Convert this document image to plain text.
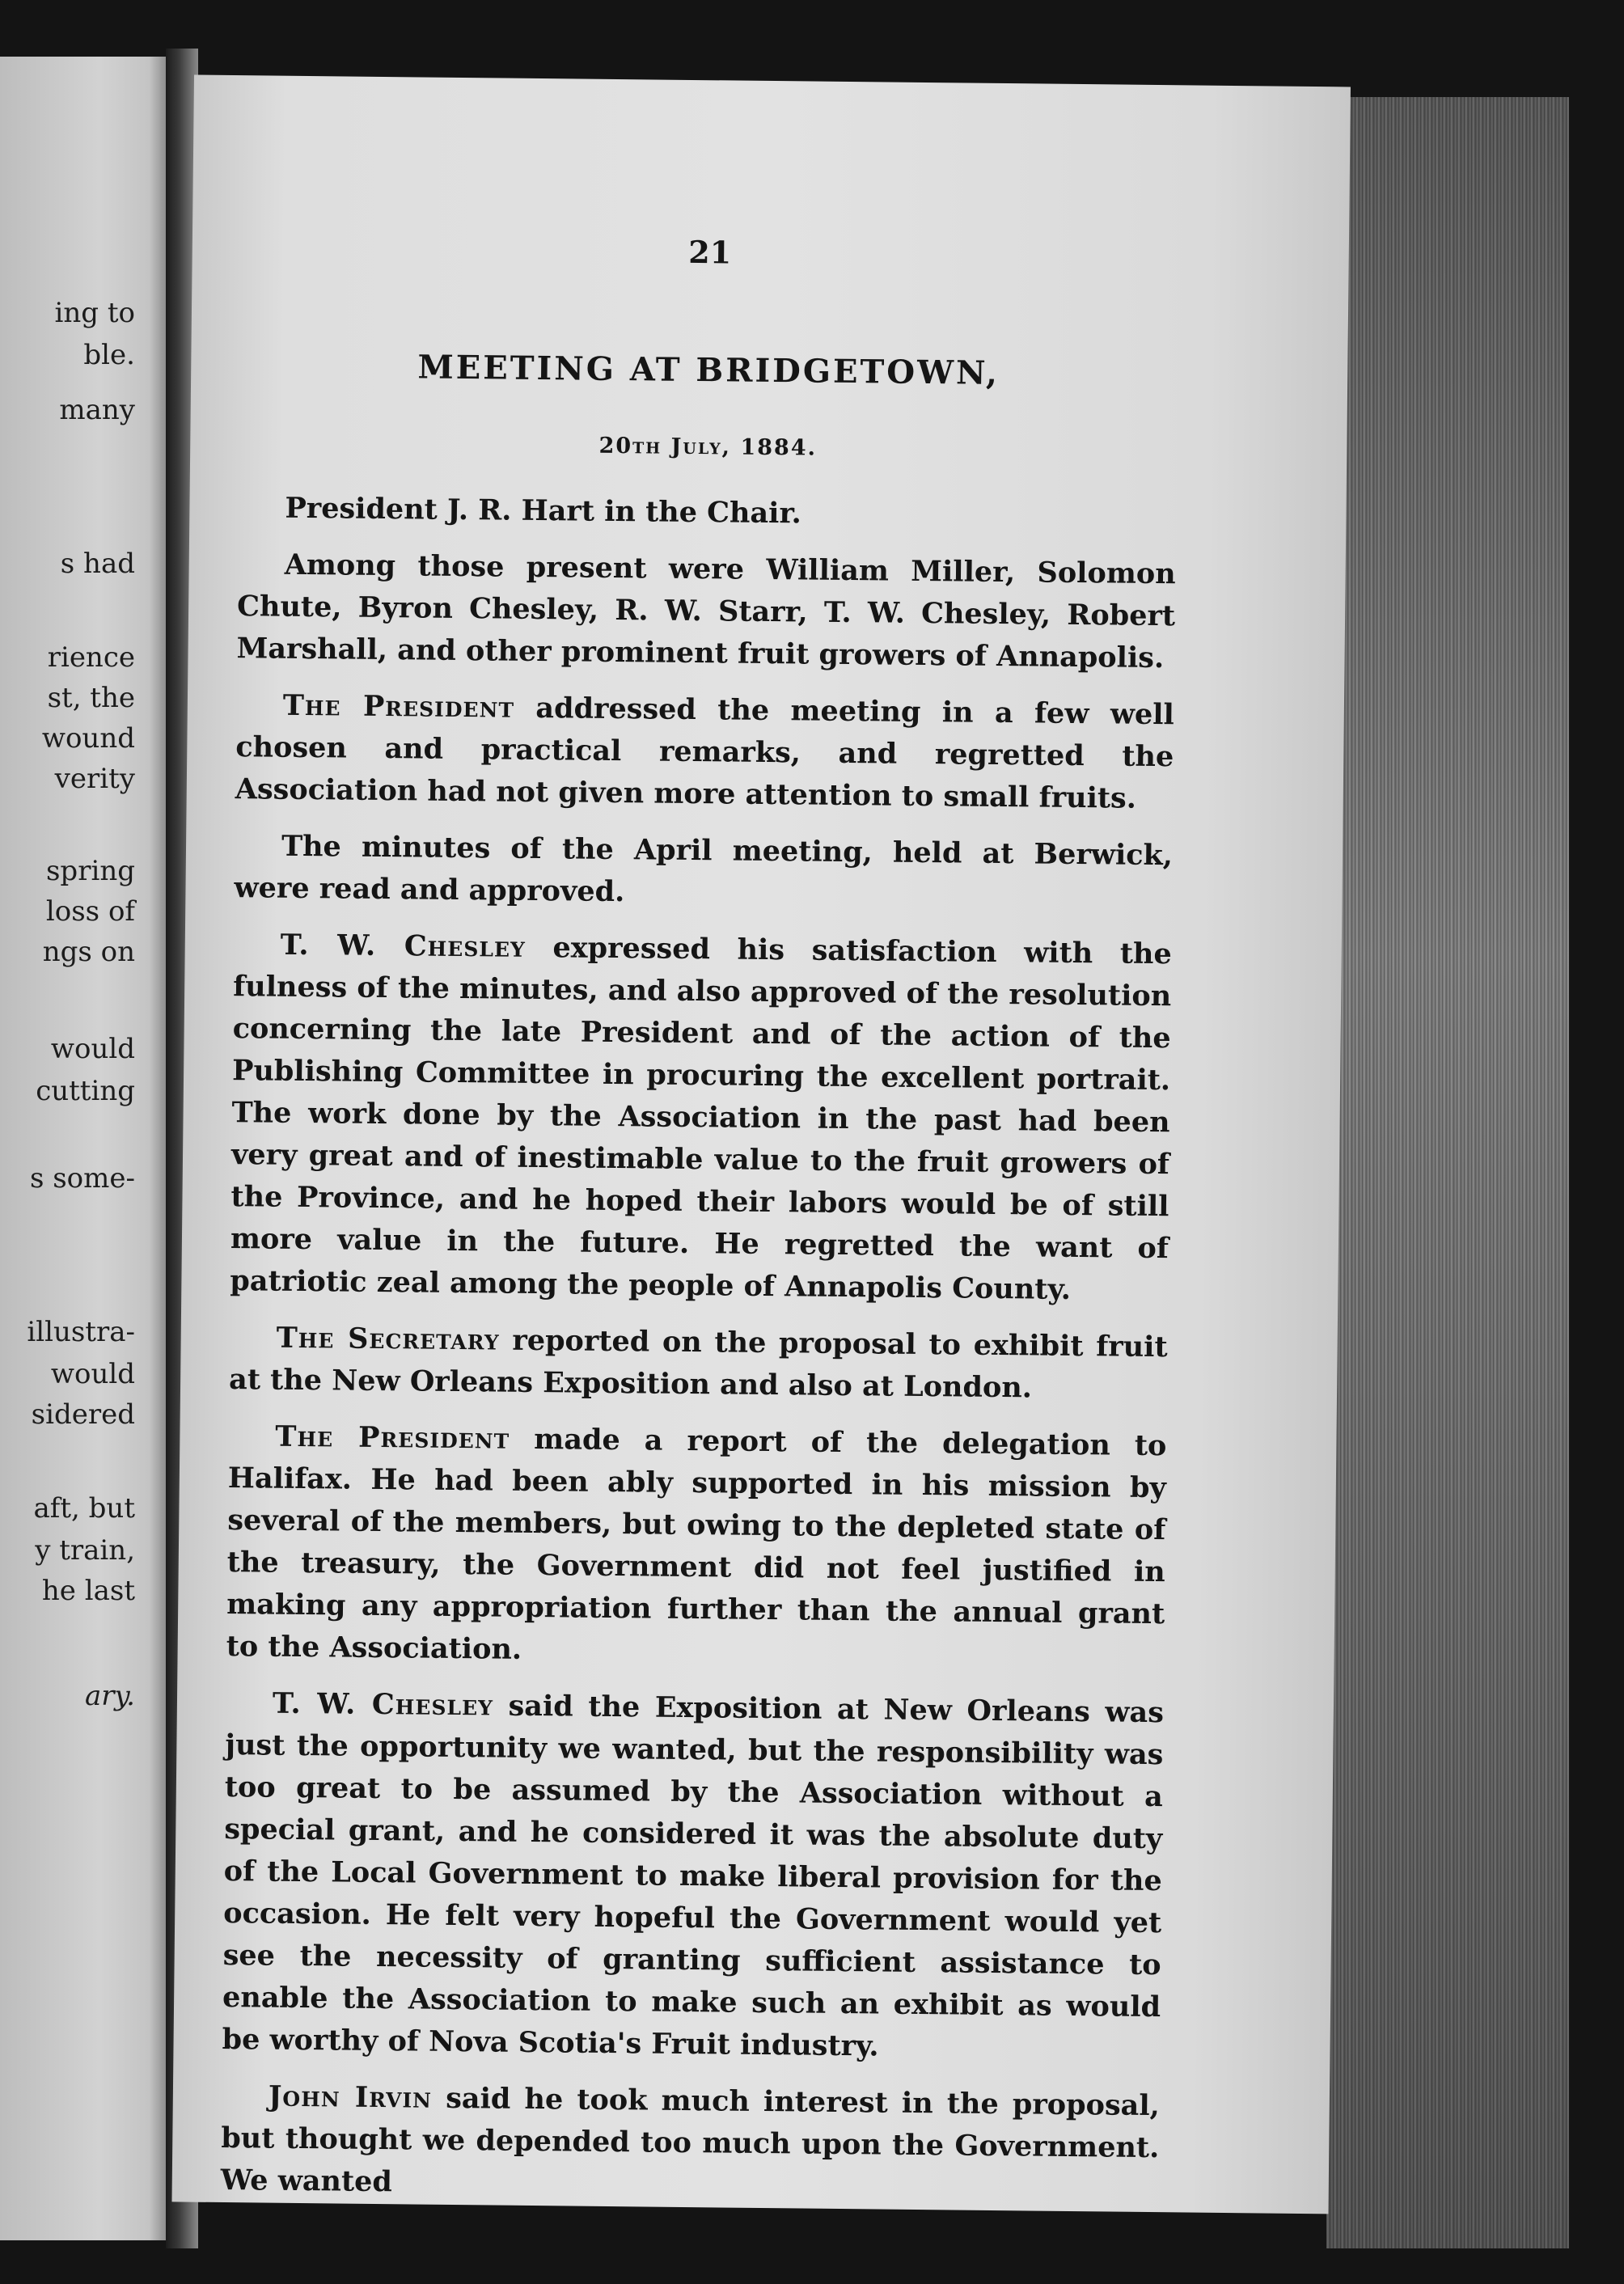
ing to
ble.
many
s had
rience
st, the
wound
verity
spring
loss of
ngs on
would
cutting
s some-
illustra-
would
sidered
aft, but
y train,
he last
ary.
21
MEETING AT BRIDGETOWN,
20th July, 1884.

President J. R. Hart in the Chair.

Among those present were William Miller, Solomon Chute, Byron Chesley, R. W. Starr, T. W. Chesley, Robert Marshall, and other prominent fruit growers of Annapolis.

The President addressed the meeting in a few well chosen and practical remarks, and regretted the Association had not given more attention to small fruits.

The minutes of the April meeting, held at Berwick, were read and approved.

T. W. Chesley expressed his satisfaction with the fulness of the minutes, and also approved of the resolution concerning the late President and of the action of the Publishing Committee in procuring the excellent portrait. The work done by the Association in the past had been very great and of inestimable value to the fruit growers of the Province, and he hoped their labors would be of still more value in the future. He regretted the want of patriotic zeal among the people of Annapolis County.

The Secretary reported on the proposal to exhibit fruit at the New Orleans Exposition and also at London.

The President made a report of the delegation to Halifax. He had been ably supported in his mission by several of the members, but owing to the depleted state of the treasury, the Government did not feel justified in making any appropriation further than the annual grant to the Association.

T. W. Chesley said the Exposition at New Orleans was just the opportunity we wanted, but the responsibility was too great to be assumed by the Association without a special grant, and he considered it was the absolute duty of the Local Government to make liberal provision for the occasion. He felt very hopeful the Government would yet see the necessity of granting sufficient assistance to enable the Association to make such an exhibit as would be worthy of Nova Scotia's Fruit industry.

John Irvin said he took much interest in the proposal, but thought we depended too much upon the Government. We wanted
